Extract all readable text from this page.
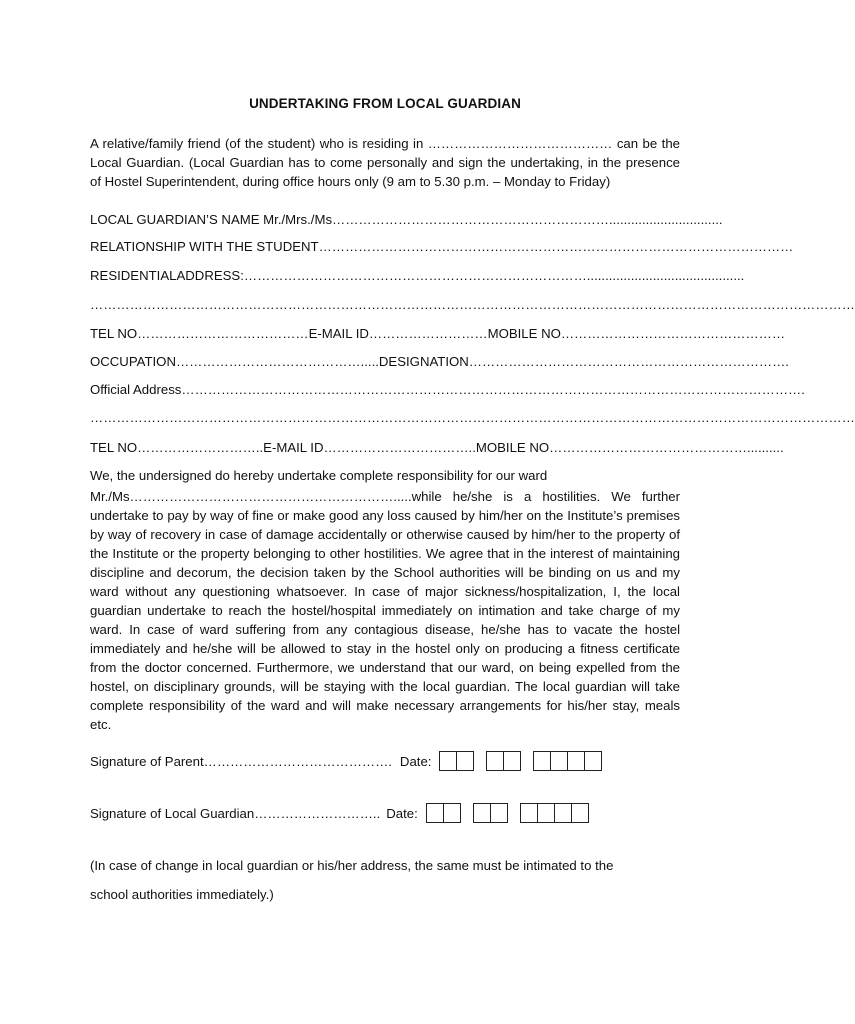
UNDERTAKING FROM LOCAL GUARDIAN
A relative/family friend (of the student) who is residing in …………………………………… can be the Local Guardian. (Local Guardian has to come personally and sign the undertaking, in the presence of Hostel Superintendent, during office hours only (9 am to 5.30 p.m. – Monday to Friday)
LOCAL GUARDIAN’S NAME Mr./Mrs./Ms………………………………………………………...............................
RELATIONSHIP WITH THE STUDENT………………………………………………………………………………………………
RESIDENTIALADDRESS:……………………………………………………………………...........................................
…………………………………………………………………………………………………………………………………………………………
TEL NO…………………………………E-MAIL ID………………………MOBILE NO……………………………………………
OCCUPATION…………………………………….....DESIGNATION……………………………………………………………….
Official Address…………………………………………………………………………………………………………………………….
…………………………………………………………………………………………………………………………………………………………
TEL NO………………………..E-MAIL ID……………………………..MOBILE NO………………………………………..........
We, the undersigned do hereby undertake complete responsibility for our ward
Mr./Ms…………………………………………………….....while he/she is a hostilities. We further undertake to pay by way of fine or make good any loss caused by him/her on the Institute’s premises by way of recovery in case of damage accidentally or otherwise caused by him/her to the property of the Institute or the property belonging to other hostilities. We agree that in the interest of maintaining discipline and decorum, the decision taken by the School authorities will be binding on us and my ward without any questioning whatsoever. In case of major sickness/hospitalization, I, the local guardian undertake to reach the hostel/hospital immediately on intimation and take charge of my ward. In case of ward suffering from any contagious disease, he/she has to vacate the hostel immediately and he/she will be allowed to stay in the hostel only on producing a fitness certificate from the doctor concerned. Furthermore, we understand that our ward, on being expelled from the hostel, on disciplinary grounds, will be staying with the local guardian. The local guardian will take complete responsibility of the ward and will make necessary arrangements for his/her stay, meals etc.
Signature of Parent……………………………………. Date:
Signature of Local Guardian……………………….. Date:
(In case of change in local guardian or his/her address, the same must be intimated to the
school authorities immediately.)
